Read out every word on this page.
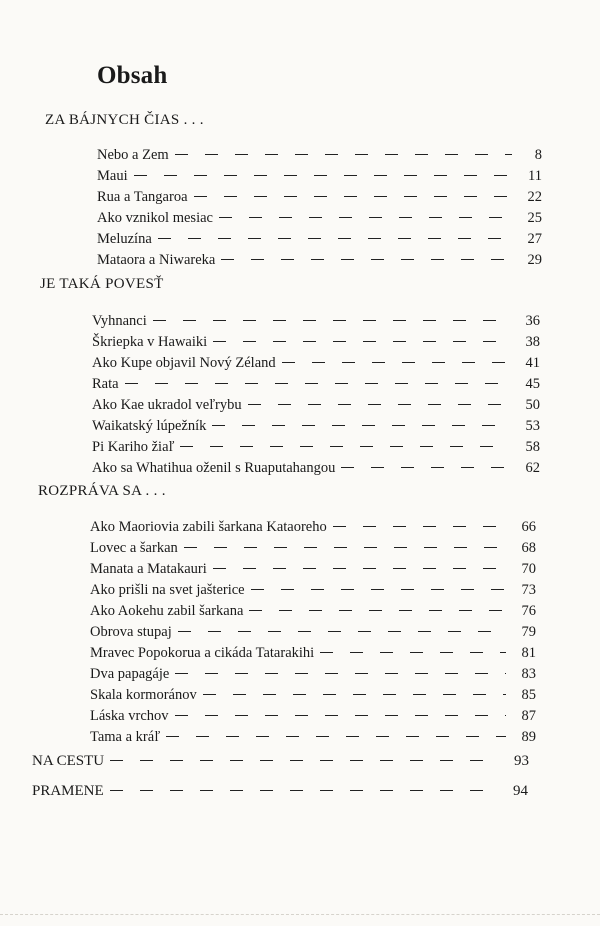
Obsah
ZA BÁJNYCH ČIAS . . .
Nebo a Zem	8
Maui	11
Rua a Tangaroa	22
Ako vznikol mesiac	25
Meluzína	27
Mataora a Niwareka	29
JE TAKÁ POVESŤ
Vyhnanci	36
Škriepka v Hawaiki	38
Ako Kupe objavil Nový Zéland	41
Rata	45
Ako Kae ukradol veľrybu	50
Waikatský lúpežník	53
Pi Kariho žiaľ	58
Ako sa Whatihua oženil s Ruaputahangou	62
ROZPRÁVA SA . . .
Ako Maoriovia zabili šarkana Kataoreho	66
Lovec a šarkan	68
Manata a Matakauri	70
Ako prišli na svet jašterice	73
Ako Aokehu zabil šarkana	76
Obrova stupaj	79
Mravec Popokorua a cikáda Tatarakihi	81
Dva papagáje	83
Skala kormoránov	85
Láska vrchov	87
Tama a kráľ	89
NA CESTU	93
PRAMENE	94
